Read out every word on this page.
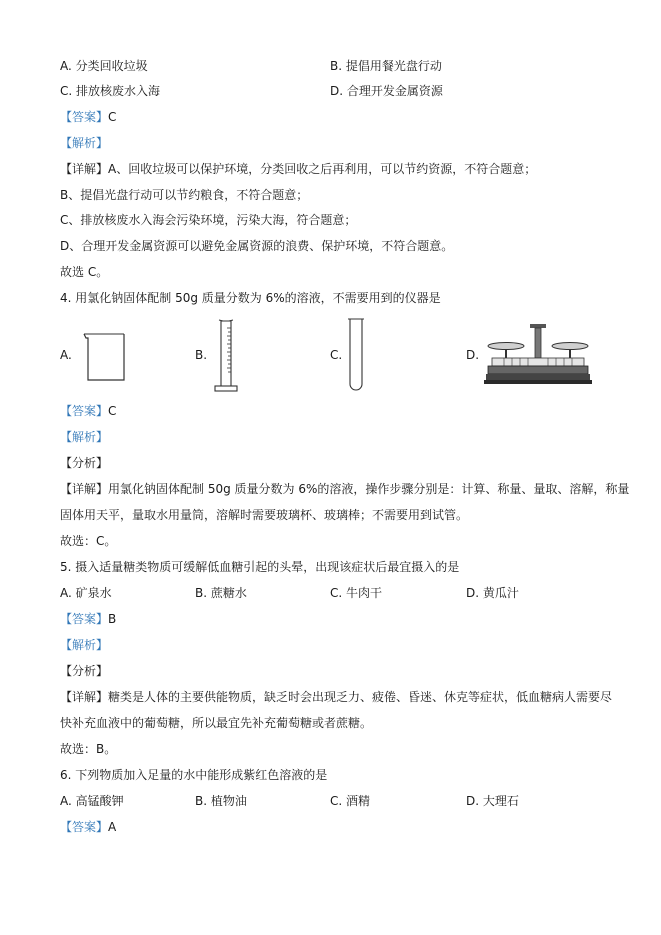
A. 分类回收垃圾	B. 提倡用餐光盘行动
C. 排放核废水入海	D. 合理开发金属资源
【答案】C
【解析】
【详解】A、回收垃圾可以保护环境，分类回收之后再利用，可以节约资源，不符合题意；
B、提倡光盘行动可以节约粮食，不符合题意；
C、排放核废水入海会污染环境，污染大海，符合题意；
D、合理开发金属资源可以避免金属资源的浪费、保护环境，不符合题意。
故选 C。
4. 用氯化钠固体配制 50g 质量分数为 6%的溶液，不需要用到的仪器是
A.	B.	C.	D.
【答案】C
【解析】
【分析】
【详解】用氯化钠固体配制 50g 质量分数为 6%的溶液，操作步骤分别是：计算、称量、量取、溶解，称量
固体用天平，量取水用量筒，溶解时需要玻璃杯、玻璃棒；不需要用到试管。
故选：C。
5. 摄入适量糖类物质可缓解低血糖引起的头晕，出现该症状后最宜摄入的是
A. 矿泉水	B. 蔗糖水	C. 牛肉干	D. 黄瓜汁
【答案】B
【解析】
【分析】
【详解】糖类是人体的主要供能物质，缺乏时会出现乏力、疲倦、昏迷、休克等症状，低血糖病人需要尽
快补充血液中的葡萄糖，所以最宜先补充葡萄糖或者蔗糖。
故选：B。
6. 下列物质加入足量的水中能形成紫红色溶液的是
A. 高锰酸钾	B. 植物油	C. 酒精	D. 大理石
【答案】A
